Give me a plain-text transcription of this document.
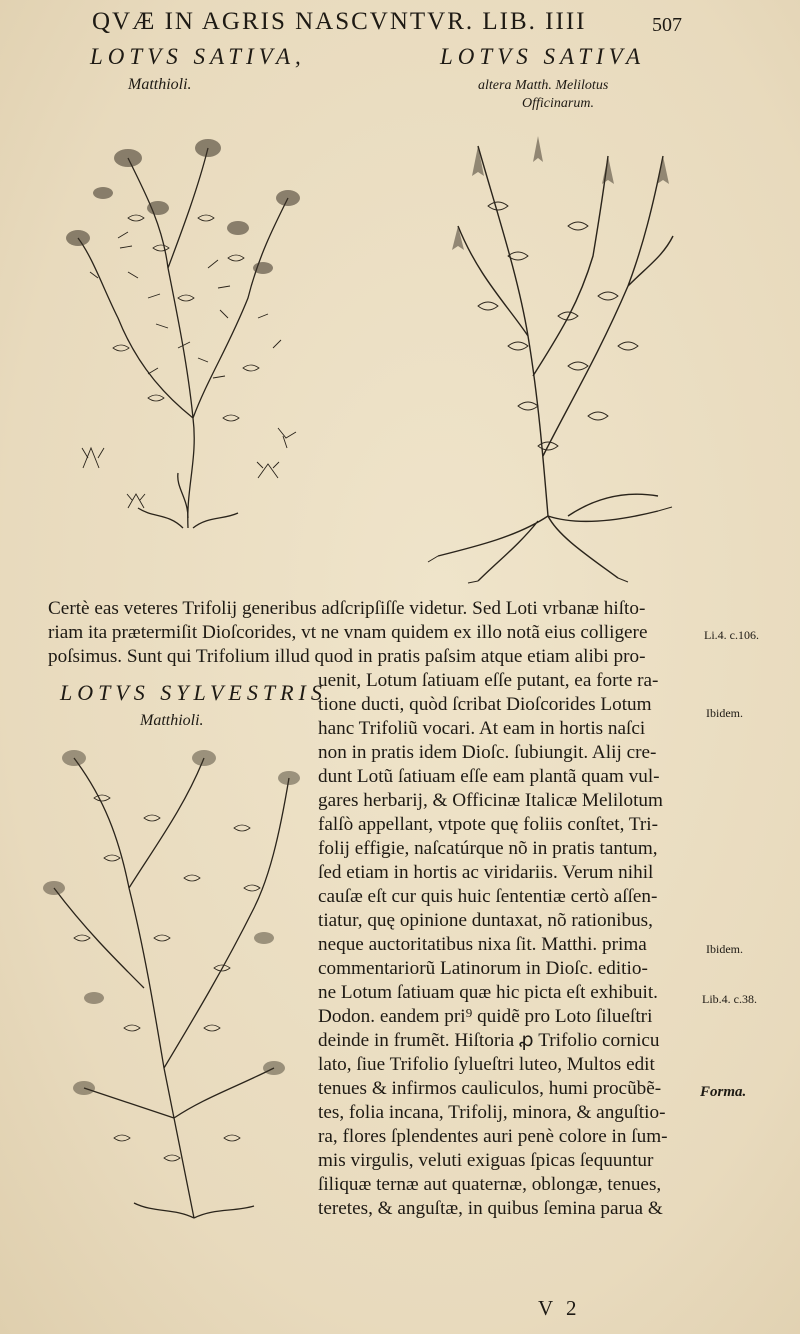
QVÆ IN AGRIS NASCVNTVR. LIB. IIII	507
LOTVS SATIVA,
Matthioli.
LOTVS SATIVA
altera Matth. Melilotus
Officinarum.
LOTVS SYLVESTRIS
Matthioli.
Certè eas veteres Trifolij generibus adſcripſiſſe videtur. Sed Loti vrbanæ hiſto-
riam ita prætermiſit Dioſcorides, vt ne vnam quidem ex illo notã eius colligere
poſsimus. Sunt qui Trifolium illud quod in pratis paſsim atque etiam alibi pro-
uenit, Lotum ſatiuam eſſe putant, ea forte ra-
tione ducti, quòd ſcribat Dioſcorides Lotum
hanc Trifoliũ vocari. At eam in hortis naſci
non in pratis idem Dioſc. ſubiungit. Alij cre-
dunt Lotũ ſatiuam eſſe eam plantã quam vul-
gares herbarij, & Officinæ Italicæ Melilotum
falſò appellant, vtpote quę foliis conſtet, Tri-
folij effigie, naſcatúrque nõ in pratis tantum,
ſed etiam in hortis ac viridariis. Verum nihil
cauſæ eſt cur quis huic ſententiæ certò aſſen-
tiatur, quę opinione duntaxat, nõ rationibus,
neque auctoritatibus nixa ſit. Matthi. prima
commentariorũ Latinorum in Dioſc. editio-
ne Lotum ſatiuam quæ hic picta eſt exhibuit.
Dodon. eandem pri⁹ quidẽ pro Loto ſilueſtri
deinde in frumẽt. Hiſtoria ꝓ Trifolio cornicu
lato, ſiue Trifolio ſylueſtri luteo, Multos edit
tenues & infirmos cauliculos, humi procũbẽ-
tes, folia incana, Trifolij, minora, & anguſtio-
ra, flores ſplendentes auri penè colore in ſum-
mis virgulis, veluti exiguas ſpicas ſequuntur
ſiliquæ ternæ aut quaternæ, oblongæ, tenues,
teretes, & anguſtæ, in quibus ſemina parua &
Li.4. c.106.
Ibidem.
Ibidem.
Lib.4. c.38.
Forma.
V 2
